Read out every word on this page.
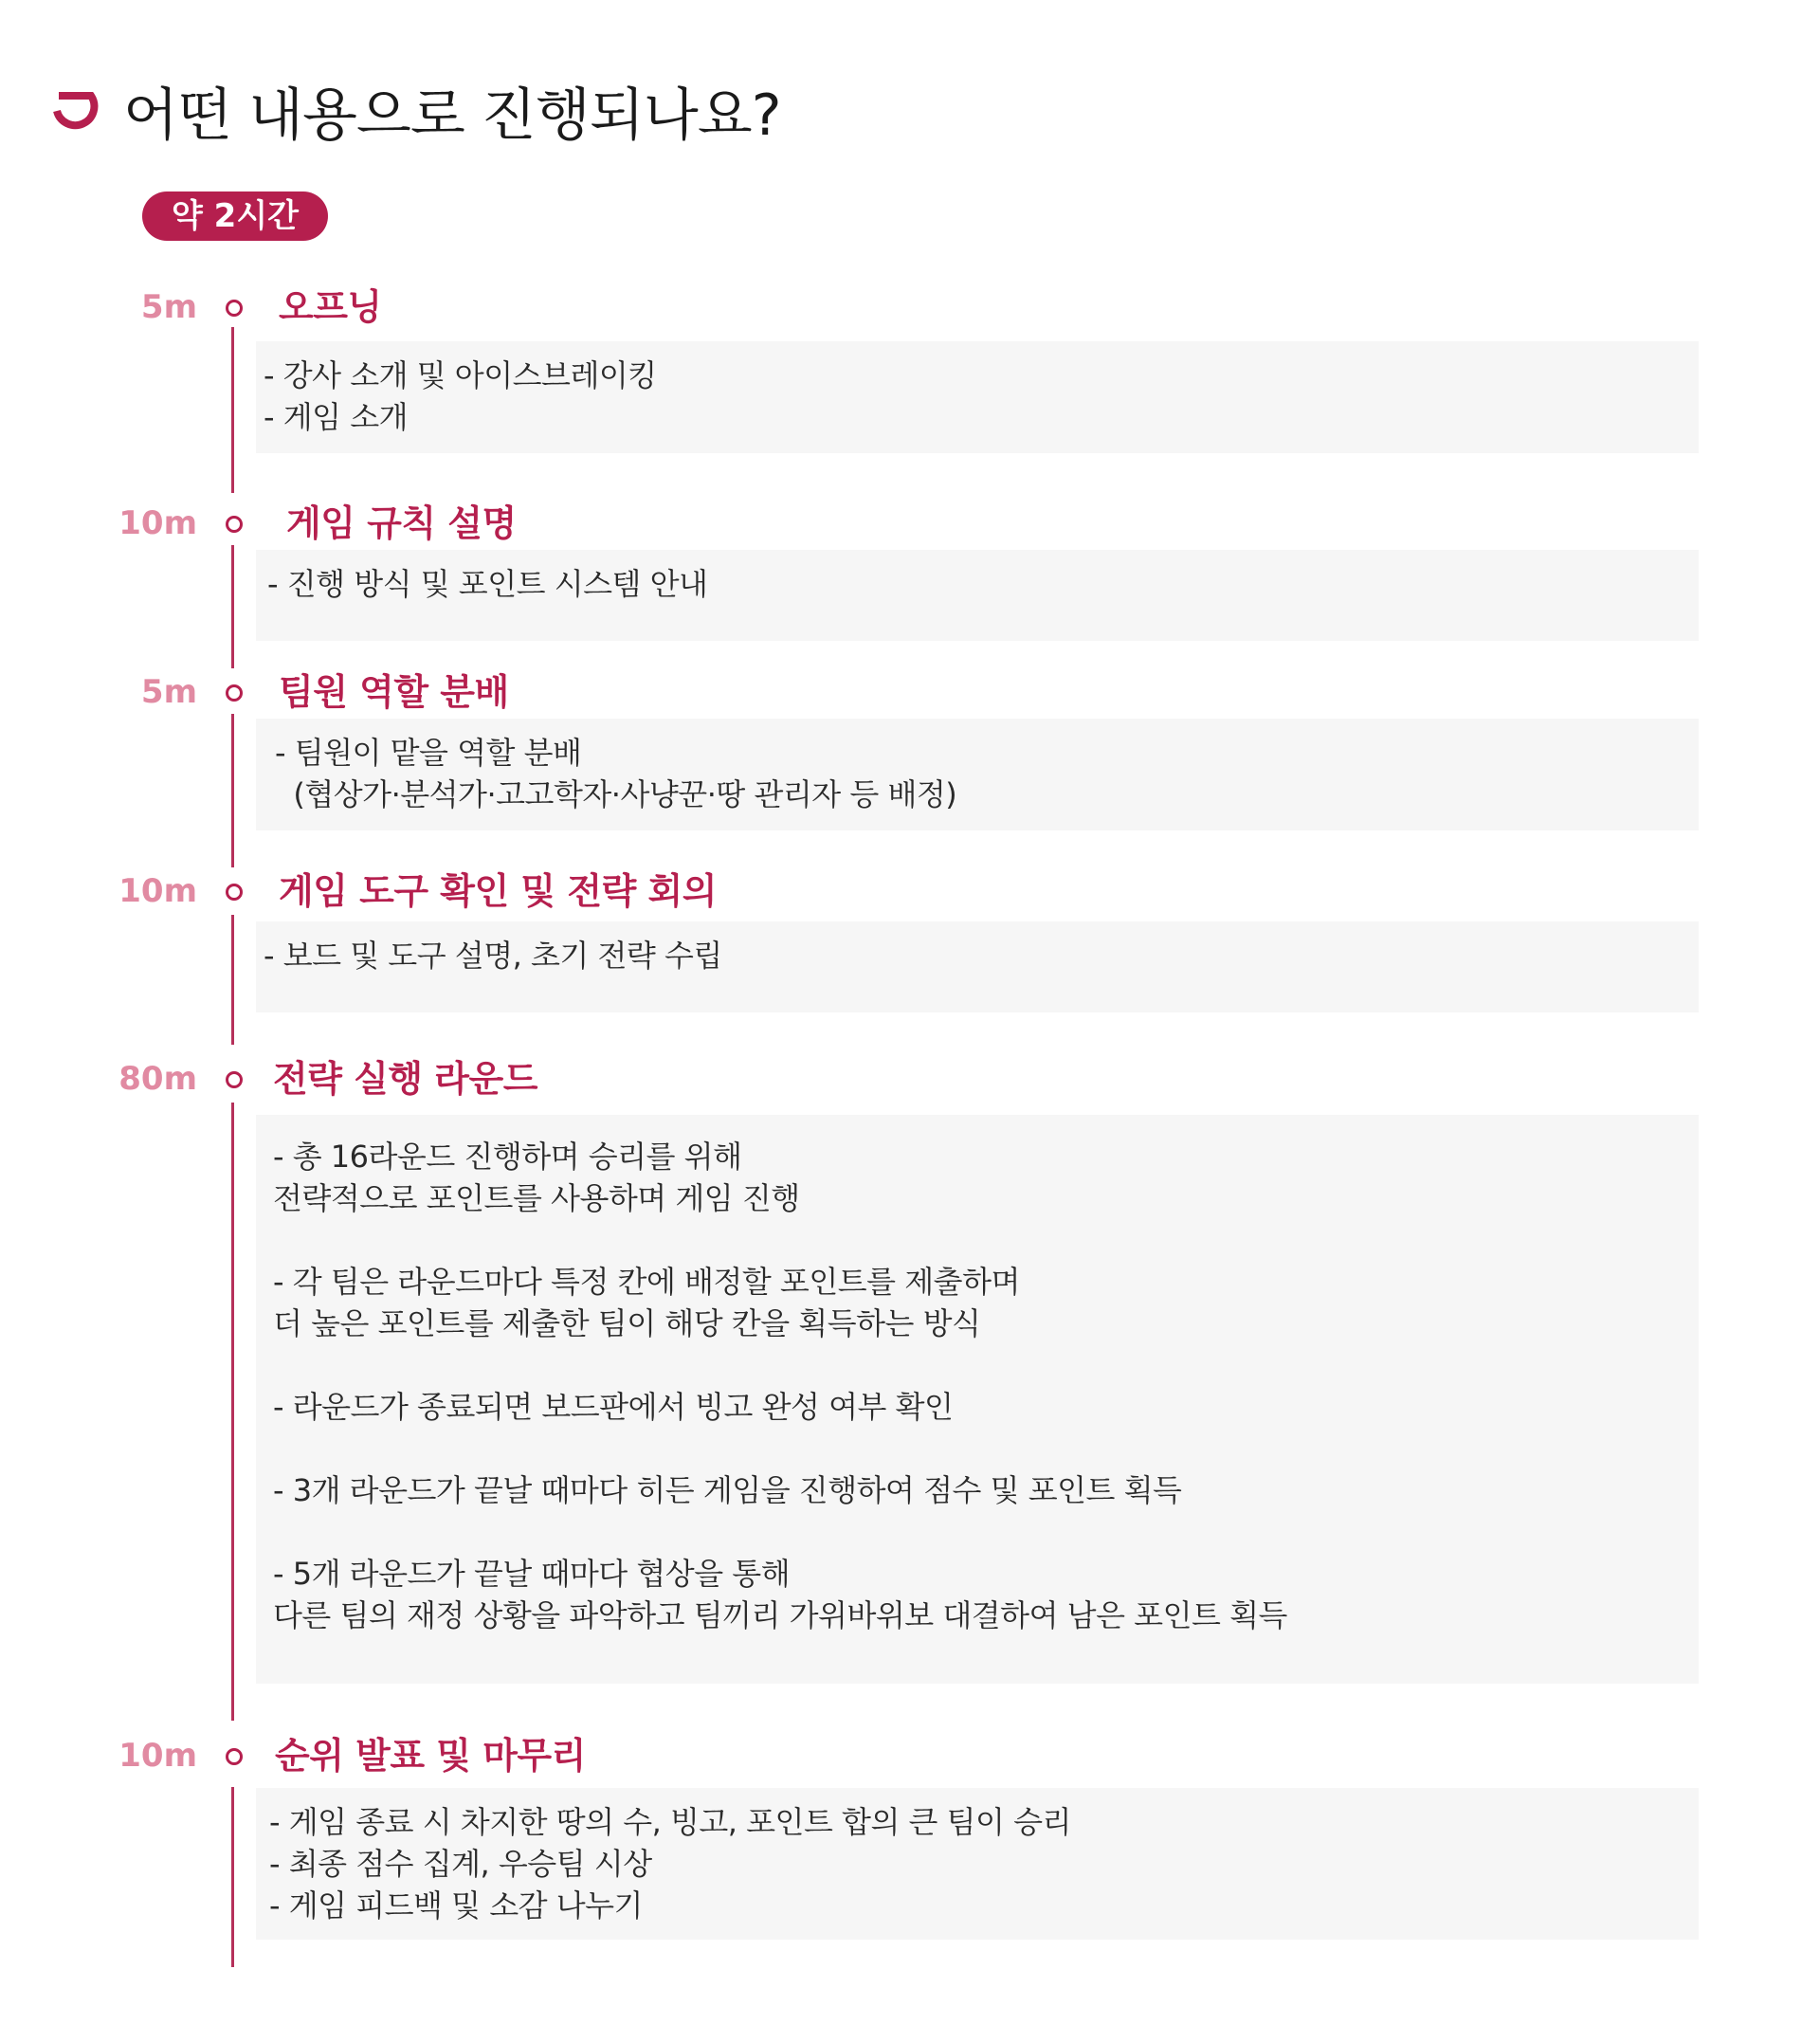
어떤 내용으로 진행되나요?
약 2시간
5m 오프닝
- 강사 소개 및 아이스브레이킹
- 게임 소개
10m 게임 규칙 설명
- 진행 방식 및 포인트 시스템 안내
5m 팀원 역할 분배
- 팀원이 맡을 역할 분배
(협상가·분석가·고고학자·사냥꾼·땅 관리자 등 배정)
10m 게임 도구 확인 및 전략 회의
- 보드 및 도구 설명, 초기 전략 수립
80m 전략 실행 라운드
- 총 16라운드 진행하며 승리를 위해
전략적으로 포인트를 사용하며 게임 진행

- 각 팀은 라운드마다 특정 칸에 배정할 포인트를 제출하며
더 높은 포인트를 제출한 팀이 해당 칸을 획득하는 방식

- 라운드가 종료되면 보드판에서 빙고 완성 여부 확인

- 3개 라운드가 끝날 때마다 히든 게임을 진행하여 점수 및 포인트 획득

- 5개 라운드가 끝날 때마다 협상을 통해
다른 팀의 재정 상황을 파악하고 팀끼리 가위바위보 대결하여 남은 포인트 획득
10m 순위 발표 및 마무리
- 게임 종료 시 차지한 땅의 수, 빙고, 포인트 합의 큰 팀이 승리
- 최종 점수 집계, 우승팀 시상
- 게임 피드백 및 소감 나누기
